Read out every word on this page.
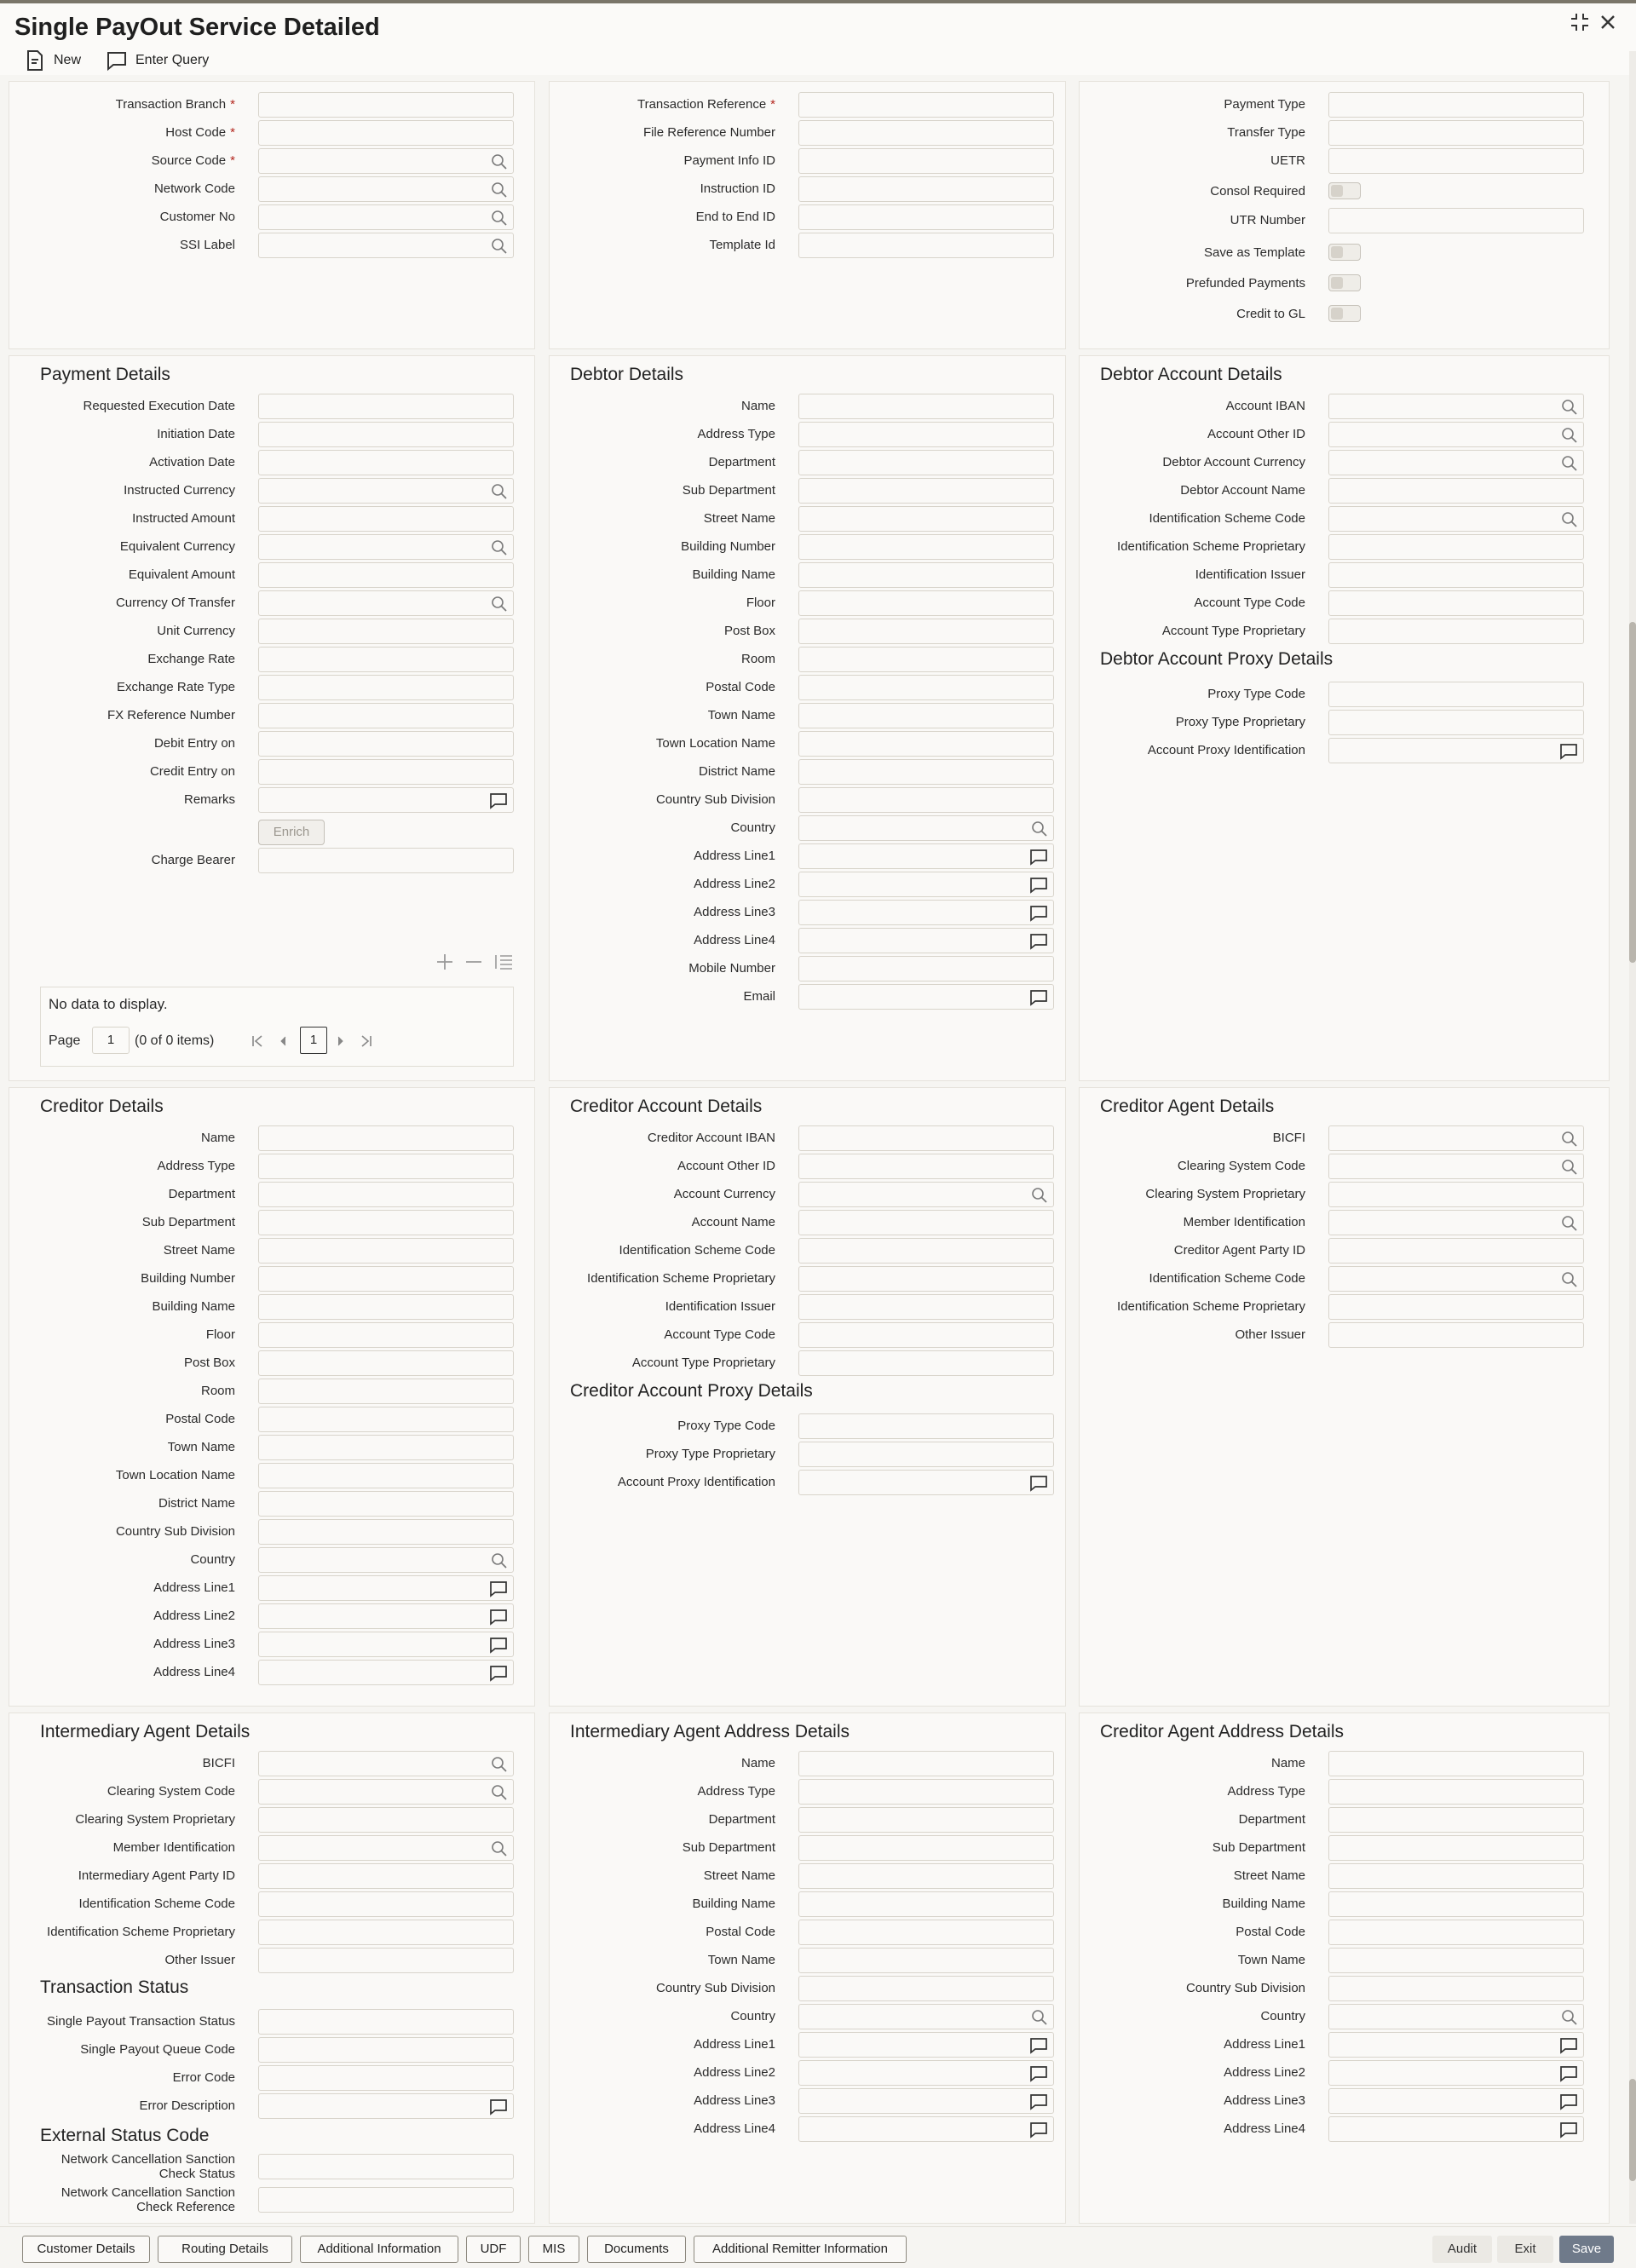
Single PayOut Service Detailed
New	Enter Query
Transaction Branch *
Host Code *
Source Code *
Network Code
Customer No
SSI Label
Transaction Reference *
File Reference Number
Payment Info ID
Instruction ID
End to End ID
Template Id
Payment Type
Transfer Type
UETR
Consol Required
UTR Number
Save as Template
Prefunded Payments
Credit to GL
Payment Details
Requested Execution Date
Initiation Date
Activation Date
Instructed Currency
Instructed Amount
Equivalent Currency
Equivalent Amount
Currency Of Transfer
Unit Currency
Exchange Rate
Exchange Rate Type
FX Reference Number
Debit Entry on
Credit Entry on
Remarks
Enrich
Charge Bearer
No data to display.
Page	1	(0 of 0 items)	1
Debtor Details
Name
Address Type
Department
Sub Department
Street Name
Building Number
Building Name
Floor
Post Box
Room
Postal Code
Town Name
Town Location Name
District Name
Country Sub Division
Country
Address Line1
Address Line2
Address Line3
Address Line4
Mobile Number
Email
Debtor Account Details
Account IBAN
Account Other ID
Debtor Account Currency
Debtor Account Name
Identification Scheme Code
Identification Scheme Proprietary
Identification Issuer
Account Type Code
Account Type Proprietary
Debtor Account Proxy Details
Proxy Type Code
Proxy Type Proprietary
Account Proxy Identification
Creditor Details
Name
Address Type
Department
Sub Department
Street Name
Building Number
Building Name
Floor
Post Box
Room
Postal Code
Town Name
Town Location Name
District Name
Country Sub Division
Country
Address Line1
Address Line2
Address Line3
Address Line4
Creditor Account Details
Creditor Account IBAN
Account Other ID
Account Currency
Account Name
Identification Scheme Code
Identification Scheme Proprietary
Identification Issuer
Account Type Code
Account Type Proprietary
Creditor Account Proxy Details
Proxy Type Code
Proxy Type Proprietary
Account Proxy Identification
Creditor Agent Details
BICFI
Clearing System Code
Clearing System Proprietary
Member Identification
Creditor Agent Party ID
Identification Scheme Code
Identification Scheme Proprietary
Other Issuer
Intermediary Agent Details
BICFI
Clearing System Code
Clearing System Proprietary
Member Identification
Intermediary Agent Party ID
Identification Scheme Code
Identification Scheme Proprietary
Other Issuer
Transaction Status
Single Payout Transaction Status
Single Payout Queue Code
Error Code
Error Description
External Status Code
Network Cancellation Sanction
Check Status
Network Cancellation Sanction
Check Reference
Intermediary Agent Address Details
Name
Address Type
Department
Sub Department
Street Name
Building Name
Postal Code
Town Name
Country Sub Division
Country
Address Line1
Address Line2
Address Line3
Address Line4
Creditor Agent Address Details
Name
Address Type
Department
Sub Department
Street Name
Building Name
Postal Code
Town Name
Country Sub Division
Country
Address Line1
Address Line2
Address Line3
Address Line4
Customer Details	Routing Details	Additional Information	UDF	MIS	Documents	Additional Remitter Information	Audit	Exit	Save
